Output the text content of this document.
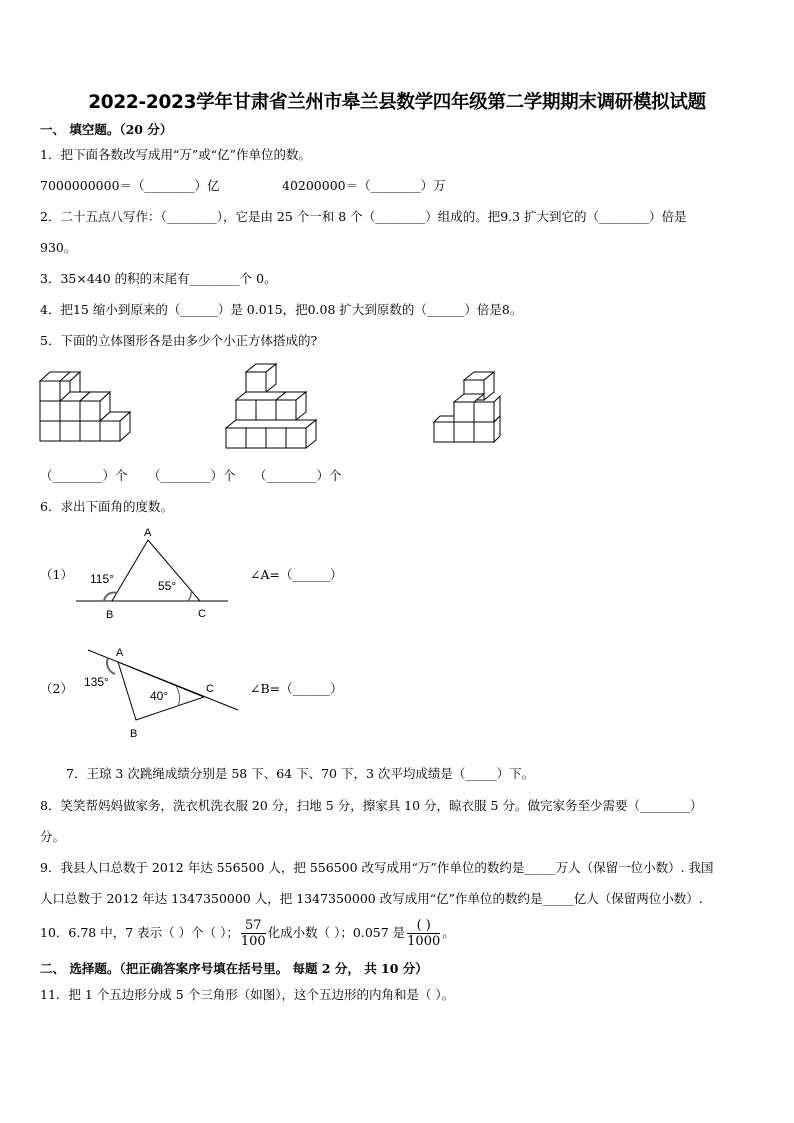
2022-2023学年甘肃省兰州市皋兰县数学四年级第二学期期末调研模拟试题
一、 填空题。（20 分）
1．把下面各数改写成用“万”或“亿”作单位的数。
7000000000＝（________）亿	40200000＝（________）万
2．二十五点八写作：（________），它是由 25 个一和 8 个（________）组成的。把9.3 扩大到它的（________）倍是
930。
3．35×440 的积的末尾有________个 0。
4．把15 缩小到原来的（______）是 0.015，把0.08 扩大到原数的（______）倍是8。
5．下面的立体图形各是由多少个小正方体搭成的?
（________）个 （________）个 （________）个
6．求出下面角的度数。
（1）
A
B	C
115°	55°
∠A=（______）
（2）
A
B
C
135°
40°	∠B=（______）
7．王琼 3 次跳绳成绩分别是 58 下、64 下、70 下，3 次平均成绩是（_____）下。
8．笑笑帮妈妈做家务，洗衣机洗衣服 20 分，扫地 5 分，擦家具 10 分，晾衣服 5 分。做完家务至少需要（________）
分。
9．我县人口总数于 2012 年达 556500 人，把 556500 改写成用“万”作单位的数约是_____万人（保留一位小数）. 我国
人口总数于 2012 年达 1347350000 人，把 1347350000 改写成用“亿”作单位的数约是_____亿人（保留两位小数）.
10．6.78 中，7 表示（ ）个（ ）； $\frac{57}{100}$ 化成小数（ ）；0.057 是 $\frac{( )}{1000}$ 。
二、 选择题。（把正确答案序号填在括号里。 每题 2 分， 共 10 分）
11．把 1 个五边形分成 5 个三角形（如图），这个五边形的内角和是（ ）。
